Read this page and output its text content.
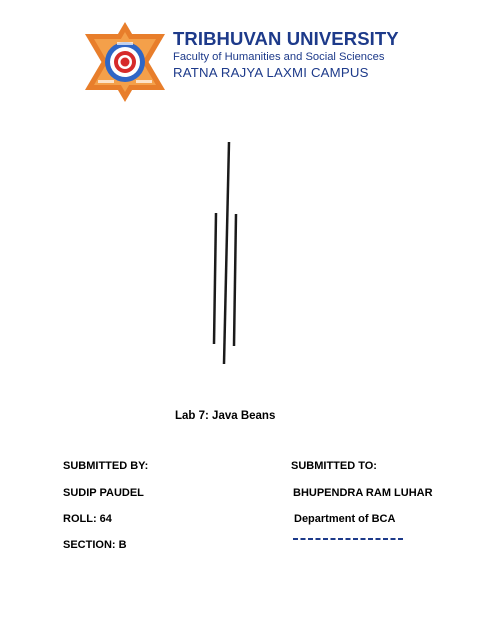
TRIBHUVAN UNIVERSITY
Faculty of Humanities and Social Sciences
RATNA RAJYA LAXMI CAMPUS
Lab 7: Java Beans
SUBMITTED BY:	SUBMITTED TO:
SUDIP PAUDEL	BHUPENDRA RAM LUHAR
ROLL: 64	Department of BCA
SECTION: B
